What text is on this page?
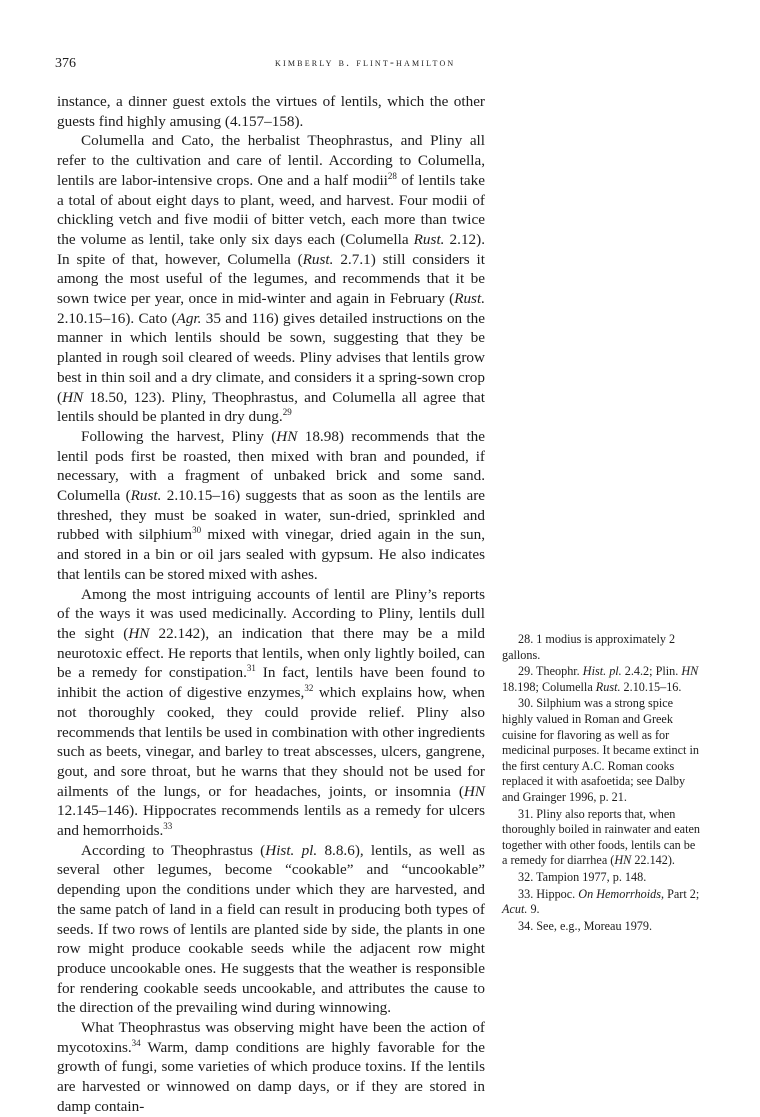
376	kimberly b. flint-hamilton

instance, a dinner guest extols the virtues of lentils, which the other guests find highly amusing (4.157–158).

Columella and Cato, the herbalist Theophrastus, and Pliny all refer to the cultivation and care of lentil. According to Columella, lentils are labor-intensive crops. One and a half modii$^{28}$ of lentils take a total of about eight days to plant, weed, and harvest. Four modii of chickling vetch and five modii of bitter vetch, each more than twice the volume as lentil, take only six days each (Columella Rust. 2.12). In spite of that, however, Columella (Rust. 2.7.1) still considers it among the most useful of the legumes, and recommends that it be sown twice per year, once in mid-winter and again in February (Rust. 2.10.15–16). Cato (Agr. 35 and 116) gives detailed instructions on the manner in which lentils should be sown, suggesting that they be planted in rough soil cleared of weeds. Pliny advises that lentils grow best in thin soil and a dry climate, and considers it a spring-sown crop (HN 18.50, 123). Pliny, Theophrastus, and Columella all agree that lentils should be planted in dry dung.$^{29}$

Following the harvest, Pliny (HN 18.98) recommends that the lentil pods first be roasted, then mixed with bran and pounded, if necessary, with a fragment of unbaked brick and some sand. Columella (Rust. 2.10.15–16) suggests that as soon as the lentils are threshed, they must be soaked in water, sun-dried, sprinkled and rubbed with silphium$^{30}$ mixed with vinegar, dried again in the sun, and stored in a bin or oil jars sealed with gypsum. He also indicates that lentils can be stored mixed with ashes.

Among the most intriguing accounts of lentil are Pliny’s reports of the ways it was used medicinally. According to Pliny, lentils dull the sight (HN 22.142), an indication that there may be a mild neurotoxic effect. He reports that lentils, when only lightly boiled, can be a remedy for constipation.$^{31}$ In fact, lentils have been found to inhibit the action of digestive enzymes,$^{32}$ which explains how, when not thoroughly cooked, they could provide relief. Pliny also recommends that lentils be used in combination with other ingredients such as beets, vinegar, and barley to treat abscesses, ulcers, gangrene, gout, and sore throat, but he warns that they should not be used for ailments of the lungs, or for headaches, joints, or insomnia (HN 12.145–146). Hippocrates recommends lentils as a remedy for ulcers and hemorrhoids.$^{33}$

According to Theophrastus (Hist. pl. 8.8.6), lentils, as well as several other legumes, become “cookable” and “uncookable” depending upon the conditions under which they are harvested, and the same patch of land in a field can result in producing both types of seeds. If two rows of lentils are planted side by side, the plants in one row might produce cookable seeds while the adjacent row might produce uncookable ones. He suggests that the weather is responsible for rendering cookable seeds uncookable, and attributes the cause to the direction of the prevailing wind during winnowing.

What Theophrastus was observing might have been the action of mycotoxins.$^{34}$ Warm, damp conditions are highly favorable for the growth of fungi, some varieties of which produce toxins. If the lentils are harvested or winnowed on damp days, or if they are stored in damp contain-

28. 1 modius is approximately 2 gallons.
29. Theophr. Hist. pl. 2.4.2; Plin. HN 18.198; Columella Rust. 2.10.15–16.
30. Silphium was a strong spice highly valued in Roman and Greek cuisine for flavoring as well as for medicinal purposes. It became extinct in the first century A.C. Roman cooks replaced it with asafoetida; see Dalby and Grainger 1996, p. 21.
31. Pliny also reports that, when thoroughly boiled in rainwater and eaten together with other foods, lentils can be a remedy for diarrhea (HN 22.142).
32. Tampion 1977, p. 148.
33. Hippoc. On Hemorrhoids, Part 2; Acut. 9.
34. See, e.g., Moreau 1979.
